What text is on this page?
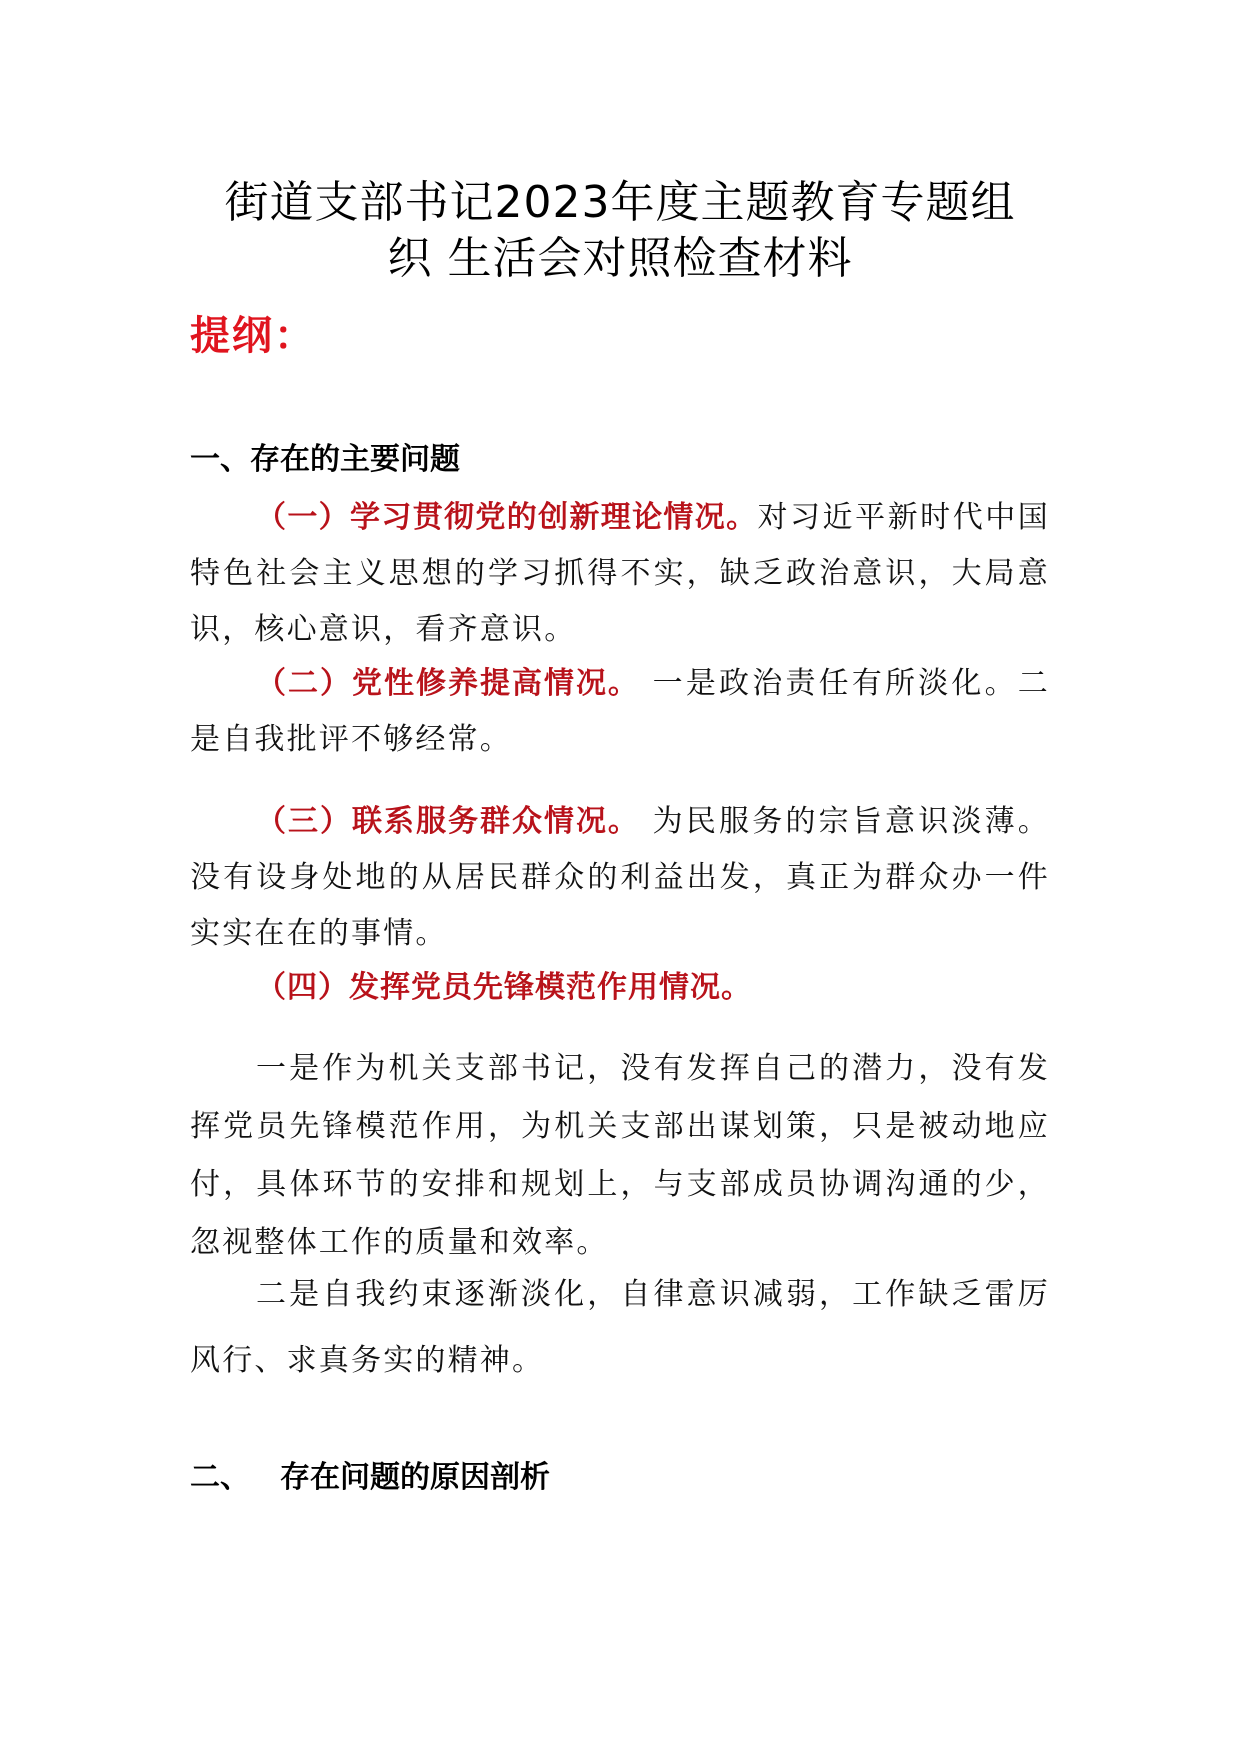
街道支部书记2023年度主题教育专题组
织 生活会对照检查材料
提纲：
一、存在的主要问题
（一）学习贯彻党的创新理论情况。对习近平新时代中国特色社会主义思想的学习抓得不实，缺乏政治意识，大局意识，核心意识，看齐意识。
（二）党性修养提高情况。 一是政治责任有所淡化。二是自我批评不够经常。
（三）联系服务群众情况。 为民服务的宗旨意识淡薄。没有设身处地的从居民群众的利益出发，真正为群众办一件实实在在的事情。
（四）发挥党员先锋模范作用情况。
一是作为机关支部书记，没有发挥自己的潜力，没有发挥党员先锋模范作用，为机关支部出谋划策，只是被动地应付，具体环节的安排和规划上，与支部成员协调沟通的少，忽视整体工作的质量和效率。
二是自我约束逐渐淡化，自律意识减弱，工作缺乏雷厉风行、求真务实的精神。
二、 存在问题的原因剖析
